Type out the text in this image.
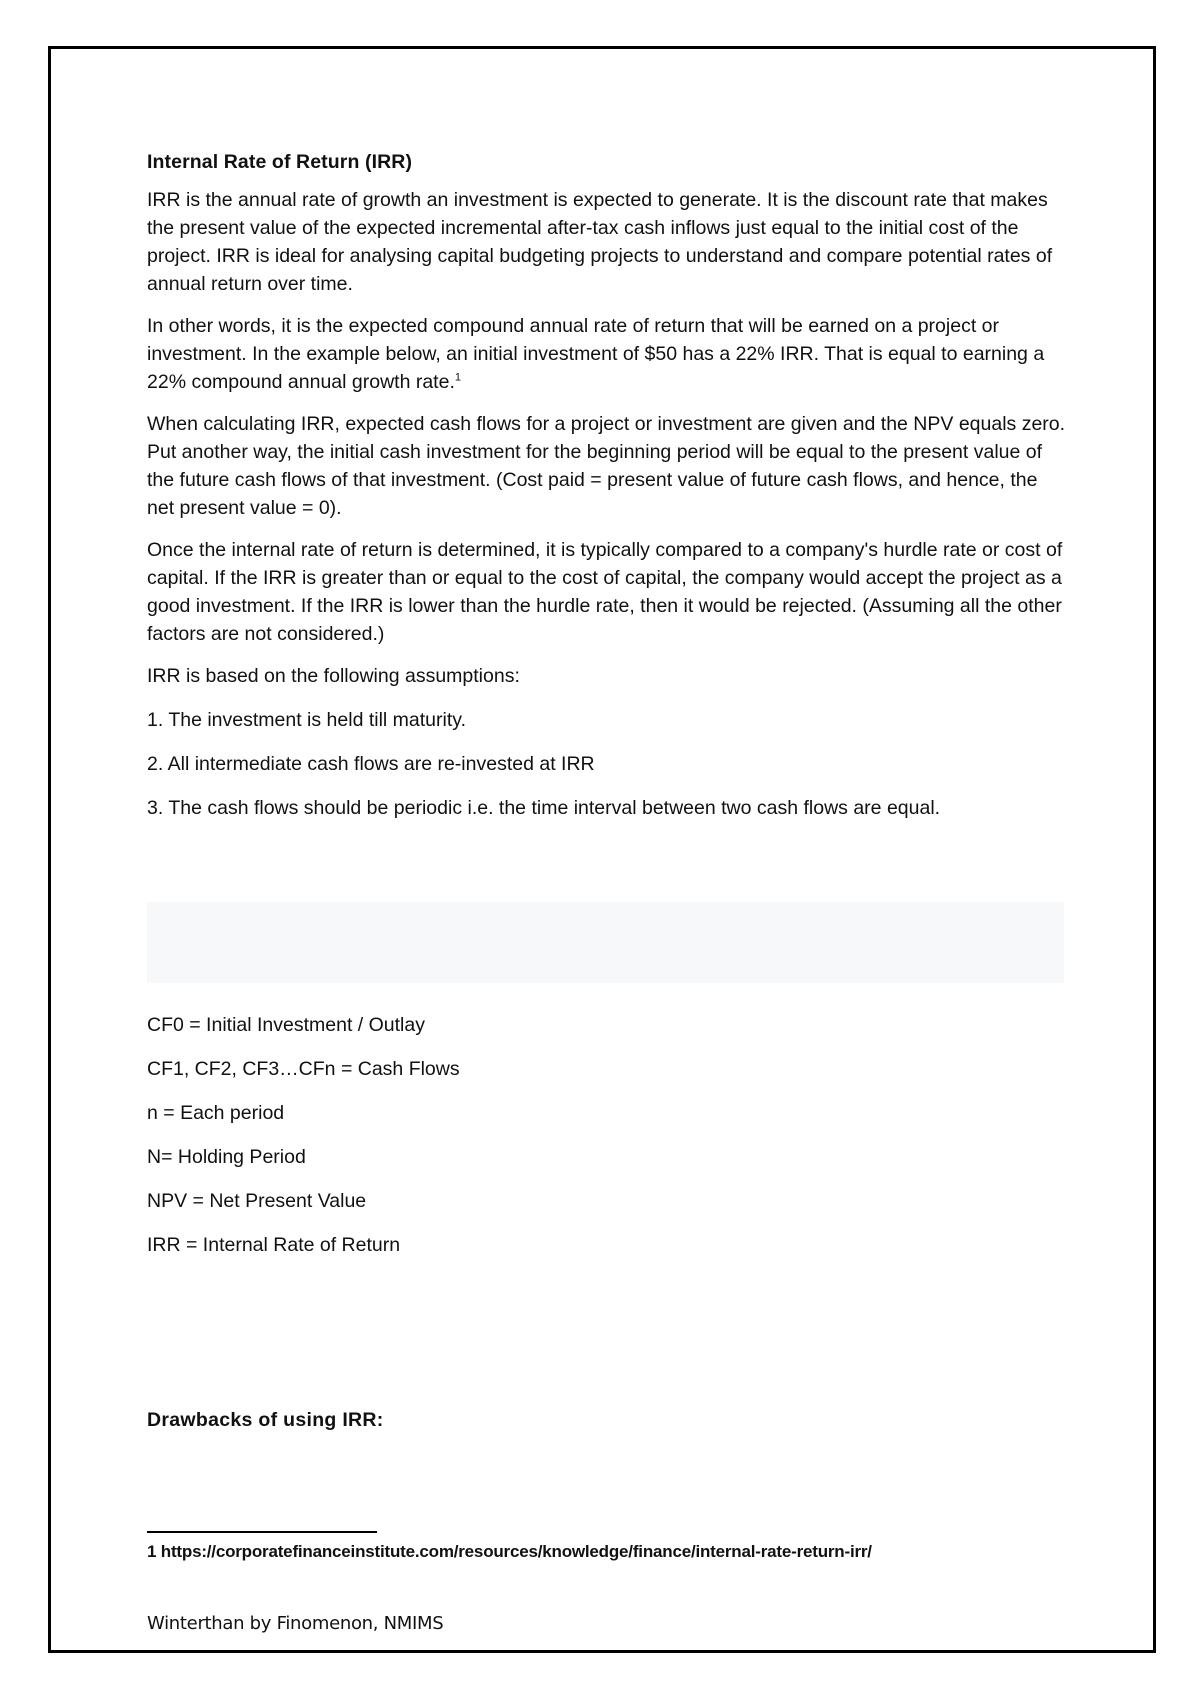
Internal Rate of Return (IRR)

IRR is the annual rate of growth an investment is expected to generate. It is the discount rate that makes the present value of the expected incremental after-tax cash inflows just equal to the initial cost of the project. IRR is ideal for analysing capital budgeting projects to understand and compare potential rates of annual return over time.

In other words, it is the expected compound annual rate of return that will be earned on a project or investment. In the example below, an initial investment of $50 has a 22% IRR. That is equal to earning a 22% compound annual growth rate.$^1$

When calculating IRR, expected cash flows for a project or investment are given and the NPV equals zero. Put another way, the initial cash investment for the beginning period will be equal to the present value of the future cash flows of that investment. (Cost paid = present value of future cash flows, and hence, the net present value = 0).

Once the internal rate of return is determined, it is typically compared to a company's hurdle rate or cost of capital. If the IRR is greater than or equal to the cost of capital, the company would accept the project as a good investment. If the IRR is lower than the hurdle rate, then it would be rejected. (Assuming all the other factors are not considered.)

IRR is based on the following assumptions:

1. The investment is held till maturity.

2. All intermediate cash flows are re-invested at IRR

3. The cash flows should be periodic i.e. the time interval between two cash flows are equal.

CF0 = Initial Investment / Outlay

CF1, CF2, CF3…CFn = Cash Flows

n = Each period

N= Holding Period

NPV = Net Present Value

IRR = Internal Rate of Return

Drawbacks of using IRR:
1 https://corporatefinanceinstitute.com/resources/knowledge/finance/internal-rate-return-irr/
Winterthan by Finomenon, NMIMS
